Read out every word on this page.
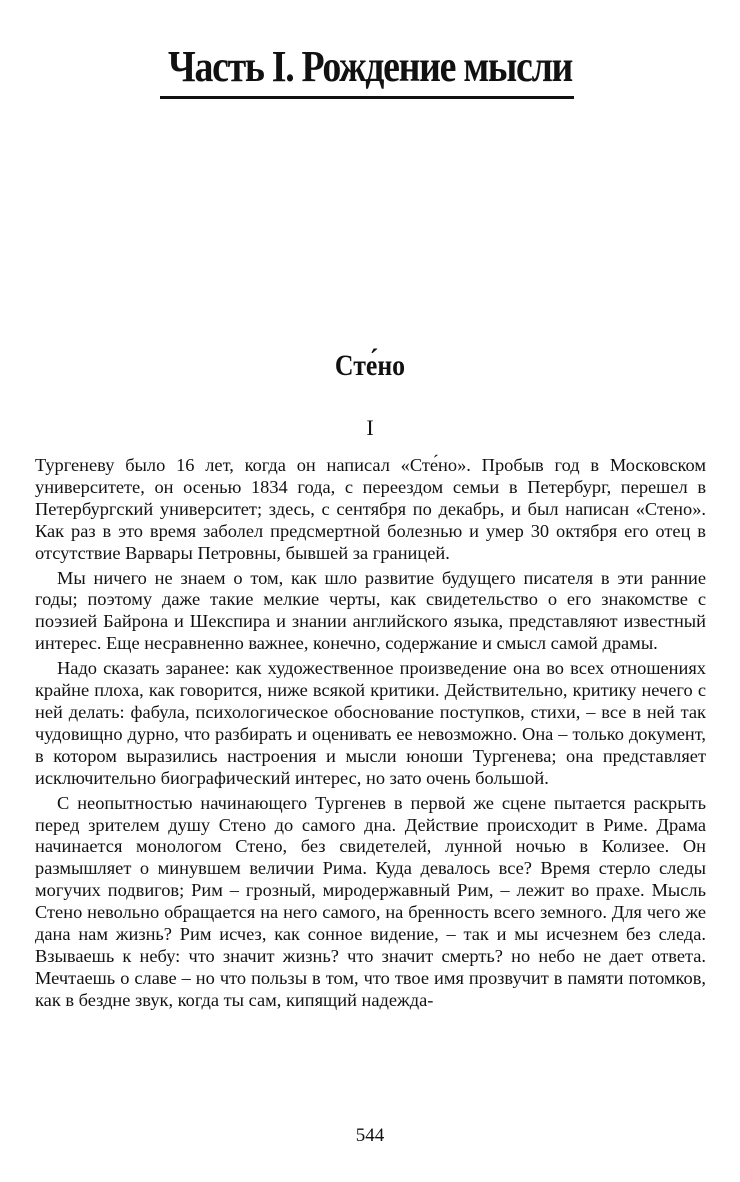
Часть I. Рождение мысли
Сте́но
I

Тургеневу было 16 лет, когда он написал «Сте́но». Пробыв год в Московском университете, он осенью 1834 года, с переездом семьи в Петербург, перешел в Петербургский университет; здесь, с сентября по декабрь, и был написан «Стено». Как раз в это время заболел предсмертной болезнью и умер 30 октября его отец в отсутствие Варвары Петровны, бывшей за границей.

Мы ничего не знаем о том, как шло развитие будущего писателя в эти ранние годы; поэтому даже такие мелкие черты, как свидетельство о его знакомстве с поэзией Байрона и Шекспира и знании английского языка, представляют известный интерес. Еще несравненно важнее, конечно, содержание и смысл самой драмы.

Надо сказать заранее: как художественное произведение она во всех отношениях крайне плоха, как говорится, ниже всякой критики. Действительно, критику нечего с ней делать: фабула, психологическое обоснование поступков, стихи, – все в ней так чудовищно дурно, что разбирать и оценивать ее невозможно. Она – только документ, в котором выразились настроения и мысли юноши Тургенева; она представляет исключительно биографический интерес, но зато очень большой.

С неопытностью начинающего Тургенев в первой же сцене пытается раскрыть перед зрителем душу Стено до самого дна. Действие происходит в Риме. Драма начинается монологом Стено, без свидетелей, лунной ночью в Колизее. Он размышляет о минувшем величии Рима. Куда девалось все? Время стерло следы могучих подвигов; Рим – грозный, миродержавный Рим, – лежит во прахе. Мысль Стено невольно обращается на него самого, на бренность всего земного. Для чего же дана нам жизнь? Рим исчез, как сонное видение, – так и мы исчезнем без следа. Взываешь к небу: что значит жизнь? что значит смерть? но небо не дает ответа. Мечтаешь о славе – но что пользы в том, что твое имя прозвучит в памяти потомков, как в бездне звук, когда ты сам, кипящий надежда-

544
